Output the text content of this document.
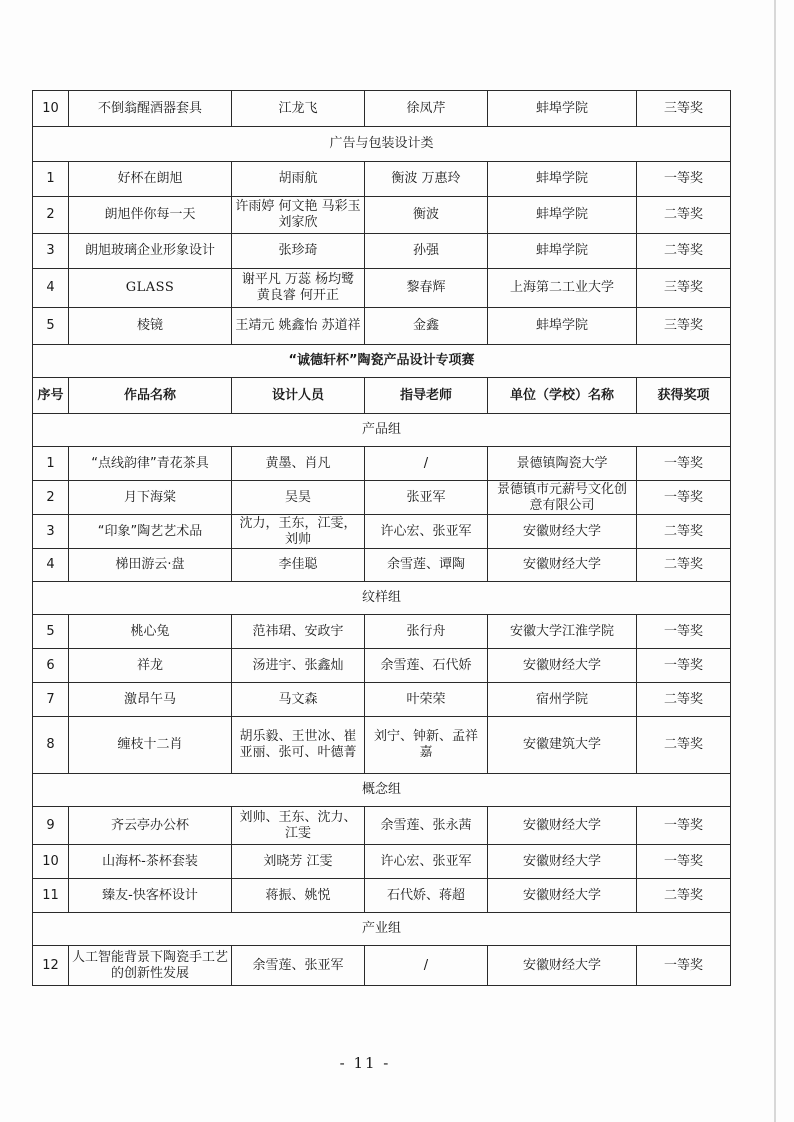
10	不倒翁醒酒器套具	江龙飞	徐凤芹	蚌埠学院	三等奖
广告与包装设计类					
1	好杯在朗旭	胡雨航	衡波 万惠玲	蚌埠学院	一等奖
2	朗旭伴你每一天	许雨婷 何文艳 马彩玉 刘家欣	衡波	蚌埠学院	二等奖
3	朗旭玻璃企业形象设计	张珍琦	孙强	蚌埠学院	二等奖
4	GLASS	谢平凡 万蕊 杨均鹭 黄良睿 何开正	黎春辉	上海第二工业大学	三等奖
5	棱镜	王靖元 姚鑫怡 苏道祥	金鑫	蚌埠学院	三等奖
“诚德轩杯”陶瓷产品设计专项赛					
序号	作品名称	设计人员	指导老师	单位（学校）名称	获得奖项
产品组					
1	“点线韵律”青花茶具	黄墨、肖凡	/	景德镇陶瓷大学	一等奖
2	月下海棠	吴昊	张亚军	景德镇市元薪号文化创意有限公司	一等奖
3	“印象”陶艺艺术品	沈力，王东，江雯，刘帅	许心宏、张亚军	安徽财经大学	二等奖
4	梯田游云·盘	李佳聪	余雪莲、谭陶	安徽财经大学	二等奖
纹样组					
5	桃心兔	范祎珺、安政宇	张行舟	安徽大学江淮学院	一等奖
6	祥龙	汤进宇、张鑫灿	余雪莲、石代娇	安徽财经大学	一等奖
7	激昂午马	马文森	叶荣荣	宿州学院	二等奖
8	缠枝十二肖	胡乐毅、王世冰、崔亚丽、张可、叶德菁	刘宁、钟新、孟祥嘉	安徽建筑大学	二等奖
概念组					
9	齐云亭办公杯	刘帅、王东、沈力、江雯	余雪莲、张永茜	安徽财经大学	一等奖
10	山海杯-茶杯套装	刘晓芳 江雯	许心宏、张亚军	安徽财经大学	一等奖
11	臻友-快客杯设计	蒋振、姚悦	石代娇、蒋超	安徽财经大学	二等奖
产业组					
12	人工智能背景下陶瓷手工艺的创新性发展	余雪莲、张亚军	/	安徽财经大学	一等奖
- 11 -
